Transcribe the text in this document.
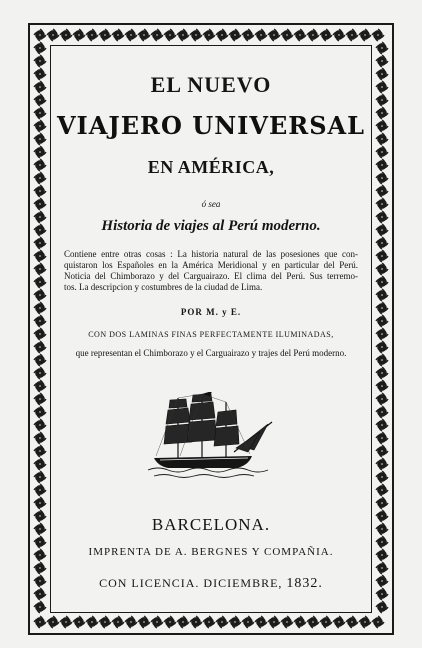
EL NUEVO
VIAJERO UNIVERSAL
EN AMÉRICA,
ó sea
Historia de viajes al Perú moderno.
Contiene entre otras cosas : La historia natural de las posesiones que con-
quistaron los Españoles en la América Meridional y en particular del Perú.
Noticia del Chimborazo y del Carguairazo. El clima del Perú. Sus terremo-
tos. La descripcion y costumbres de la ciudad de Lima.
POR M. y E.
CON DOS LAMINAS FINAS PERFECTAMENTE ILUMINADAS,
que representan el Chimborazo y el Carguairazo y trajes del Perú moderno.
BARCELONA.
IMPRENTA DE A. BERGNES Y COMPAÑIA.
CON LICENCIA. DICIEMBRE, 1832.
